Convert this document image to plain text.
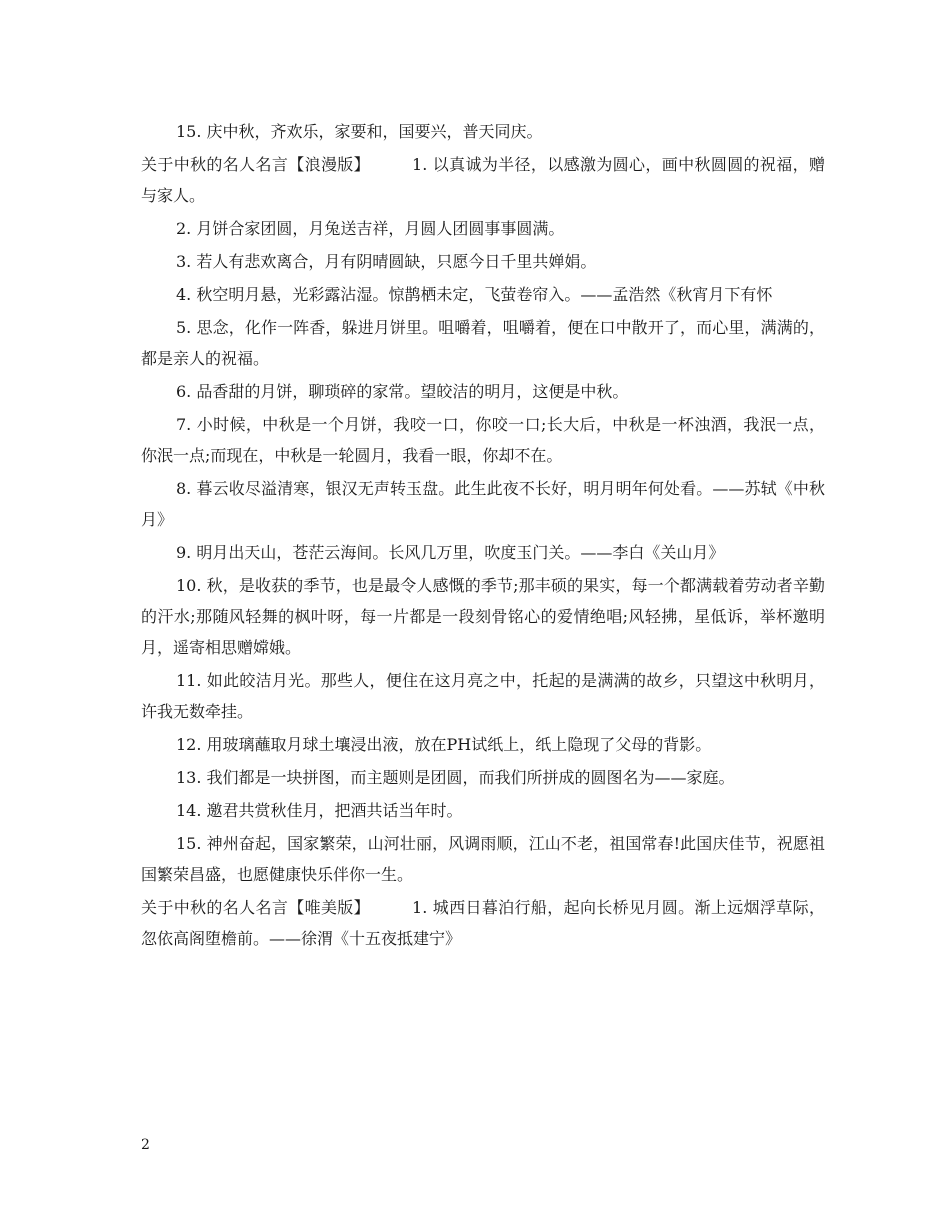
15. 庆中秋，齐欢乐，家要和，国要兴，普天同庆。

关于中秋的名人名言【浪漫版】	1. 以真诚为半径，以感激为圆心，画中秋圆圆的祝福，赠与家人。

2. 月饼合家团圆，月兔送吉祥，月圆人团圆事事圆满。

3. 若人有悲欢离合，月有阴晴圆缺，只愿今日千里共婵娟。

4. 秋空明月悬，光彩露沾湿。惊鹊栖未定，飞萤卷帘入。——孟浩然《秋宵月下有怀

5. 思念，化作一阵香，躲进月饼里。咀嚼着，咀嚼着，便在口中散开了，而心里，满满的，都是亲人的祝福。

6. 品香甜的月饼，聊琐碎的家常。望皎洁的明月，这便是中秋。

7. 小时候，中秋是一个月饼，我咬一口，你咬一口;长大后，中秋是一杯浊酒，我泯一点，你泯一点;而现在，中秋是一轮圆月，我看一眼，你却不在。

8. 暮云收尽溢清寒，银汉无声转玉盘。此生此夜不长好，明月明年何处看。——苏轼《中秋月》

9. 明月出天山，苍茫云海间。长风几万里，吹度玉门关。——李白《关山月》

10. 秋，是收获的季节，也是最令人感慨的季节;那丰硕的果实，每一个都满载着劳动者辛勤的汗水;那随风轻舞的枫叶呀，每一片都是一段刻骨铭心的爱情绝唱;风轻拂，星低诉，举杯邀明月，遥寄相思赠嫦娥。

11. 如此皎洁月光。那些人，便住在这月亮之中，托起的是满满的故乡，只望这中秋明月，许我无数牵挂。

12. 用玻璃蘸取月球土壤浸出液，放在PH试纸上，纸上隐现了父母的背影。

13. 我们都是一块拼图，而主题则是团圆，而我们所拼成的圆图名为——家庭。

14. 邀君共赏秋佳月，把酒共话当年时。

15. 神州奋起，国家繁荣，山河壮丽，风调雨顺，江山不老，祖国常春!此国庆佳节，祝愿祖国繁荣昌盛，也愿健康快乐伴你一生。

关于中秋的名人名言【唯美版】	1. 城西日暮泊行船，起向长桥见月圆。渐上远烟浮草际，忽依高阁堕檐前。——徐渭《十五夜抵建宁》

2
